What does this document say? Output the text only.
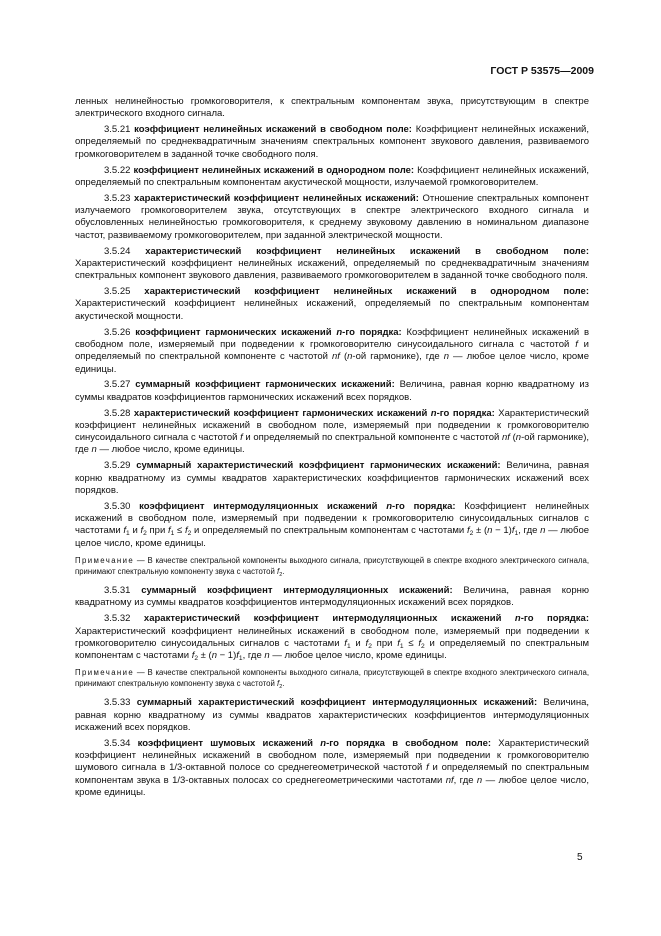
ГОСТ Р 53575—2009

ленных нелинейностью громкоговорителя, к спектральным компонентам звука, присутствующим в спектре электрического входного сигнала.

3.5.21 коэффициент нелинейных искажений в свободном поле: Коэффициент нелинейных искажений, определяемый по среднеквадратичным значениям спектральных компонент звукового давления, развиваемого громкоговорителем в заданной точке свободного поля.

3.5.22 коэффициент нелинейных искажений в однородном поле: Коэффициент нелинейных искажений, определяемый по спектральным компонентам акустической мощности, излучаемой громкоговорителем.

3.5.23 характеристический коэффициент нелинейных искажений: Отношение спектральных компонент излучаемого громкоговорителем звука, отсутствующих в спектре электрического входного сигнала и обусловленных нелинейностью громкоговорителя, к среднему звуковому давлению в номинальном диапазоне частот, развиваемому громкоговорителем, при заданной электрической мощности.

3.5.24 характеристический коэффициент нелинейных искажений в свободном поле: Характеристический коэффициент нелинейных искажений, определяемый по среднеквадратичным значениям спектральных компонент звукового давления, развиваемого громкоговорителем в заданной точке свободного поля.

3.5.25 характеристический коэффициент нелинейных искажений в однородном поле: Характеристический коэффициент нелинейных искажений, определяемый по спектральным компонентам акустической мощности.

3.5.26 коэффициент гармонических искажений n-го порядка: Коэффициент нелинейных искажений в свободном поле, измеряемый при подведении к громкоговорителю синусоидального сигнала с частотой f и определяемый по спектральной компоненте с частотой nf (n-ой гармонике), где n — любое целое число, кроме единицы.

3.5.27 суммарный коэффициент гармонических искажений: Величина, равная корню квадратному из суммы квадратов коэффициентов гармонических искажений всех порядков.

3.5.28 характеристический коэффициент гармонических искажений n-го порядка: Характеристический коэффициент нелинейных искажений в свободном поле, измеряемый при подведении к громкоговорителю синусоидального сигнала с частотой f и определяемый по спектральной компоненте с частотой nf (n-ой гармонике), где n — любое число, кроме единицы.

3.5.29 суммарный характеристический коэффициент гармонических искажений: Величина, равная корню квадратному из суммы квадратов характеристических коэффициентов гармонических искажений всех порядков.

3.5.30 коэффициент интермодуляционных искажений n-го порядка: Коэффициент нелинейных искажений в свободном поле, измеряемый при подведении к громкоговорителю синусоидальных сигналов с частотами $f_1$ и $f_2$ при $f_1 \le f_2$ и определяемый по спектральным компонентам с частотами $f_2 \pm (n - 1)f_1$, где n — любое целое число, кроме единицы.

Примечание — В качестве спектральной компоненты выходного сигнала, присутствующей в спектре входного электрического сигнала, принимают спектральную компоненту звука с частотой $f_2$.

3.5.31 суммарный коэффициент интермодуляционных искажений: Величина, равная корню квадратному из суммы квадратов коэффициентов интермодуляционных искажений всех порядков.

3.5.32 характеристический коэффициент интермодуляционных искажений n-го порядка: Характеристический коэффициент нелинейных искажений в свободном поле, измеряемый при подведении к громкоговорителю синусоидальных сигналов с частотами $f_1$ и $f_2$ при $f_1 \le f_2$ и определяемый по спектральным компонентам с частотами $f_2 \pm (n - 1)f_1$, где n — любое целое число, кроме единицы.

Примечание — В качестве спектральной компоненты выходного сигнала, присутствующей в спектре входного электрического сигнала, принимают спектральную компоненту звука с частотой $f_2$.

3.5.33 суммарный характеристический коэффициент интермодуляционных искажений: Величина, равная корню квадратному из суммы квадратов характеристических коэффициентов интермодуляционных искажений всех порядков.

3.5.34 коэффициент шумовых искажений n-го порядка в свободном поле: Характеристический коэффициент нелинейных искажений в свободном поле, измеряемый при подведении к громкоговорителю шумового сигнала в 1/3-октавной полосе со среднегеометрической частотой f и определяемый по спектральным компонентам звука в 1/3-октавных полосах со среднегеометрическими частотами nf, где n — любое целое число, кроме единицы.

5
